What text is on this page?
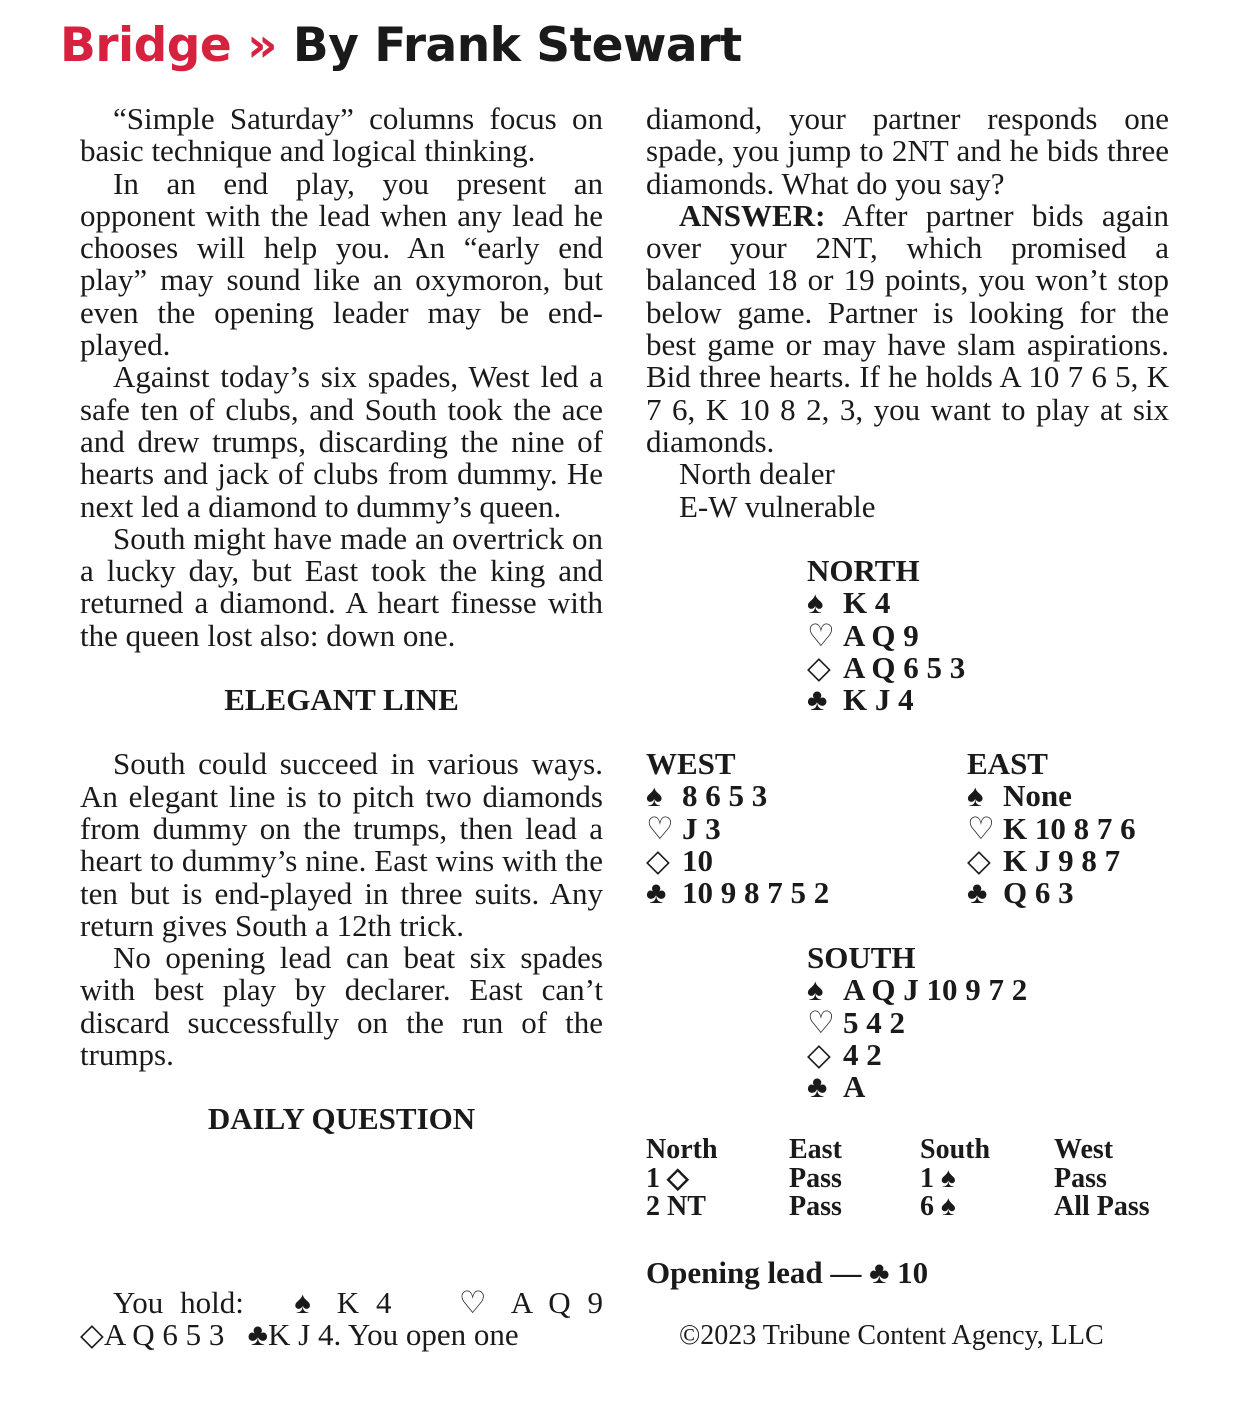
Bridge » By Frank Stewart

“Simple Saturday” columns focus on basic technique and logical thinking.

In an end play, you present an opponent with the lead when any lead he chooses will help you. An “early end play” may sound like an oxymoron, but even the opening leader may be end-played.

Against today’s six spades, West led a safe ten of clubs, and South took the ace and drew trumps, discarding the nine of hearts and jack of clubs from dummy. He next led a diamond to dummy’s queen.

South might have made an overtrick on a lucky day, but East took the king and returned a diamond. A heart finesse with the queen lost also: down one.

ELEGANT LINE

South could succeed in various ways. An elegant line is to pitch two diamonds from dummy on the trumps, then lead a heart to dummy’s nine. East wins with the ten but is end-played in three suits. Any return gives South a 12th trick.

No opening lead can beat six spades with best play by declarer. East can’t discard successfully on the run of the trumps.

DAILY QUESTION
You hold: ♠ K 4 ♡ A Q 9
◇A Q 6 5 3 ♣K J 4. You open one

diamond, your partner responds one spade, you jump to 2NT and he bids three diamonds. What do you say?

ANSWER: After partner bids again over your 2NT, which promised a balanced 18 or 19 points, you won’t stop below game. Partner is looking for the best game or may have slam aspirations. Bid three hearts. If he holds A 10 7 6 5, K 7 6, K 10 8 2, 3, you want to play at six diamonds.

North dealer
E-W vulnerable
NORTH
♠ K 4
♡ A Q 9
◇ A Q 6 5 3
♣ K J 4
WEST
♠ 8 6 5 3
♡ J 3
◇ 10
♣ 10 9 8 7 5 2
EAST
♠ None
♡ K 10 8 7 6
◇ K J 9 8 7
♣ Q 6 3
SOUTH
♠ A Q J 10 9 7 2
♡ 5 4 2
◇ 4 2
♣ A
North	East	South West
1 ◇	Pass	1 ♠	Pass
2 NT	Pass	6 ♠	All Pass
Opening lead — ♣ 10
©2023 Tribune Content Agency, LLC
